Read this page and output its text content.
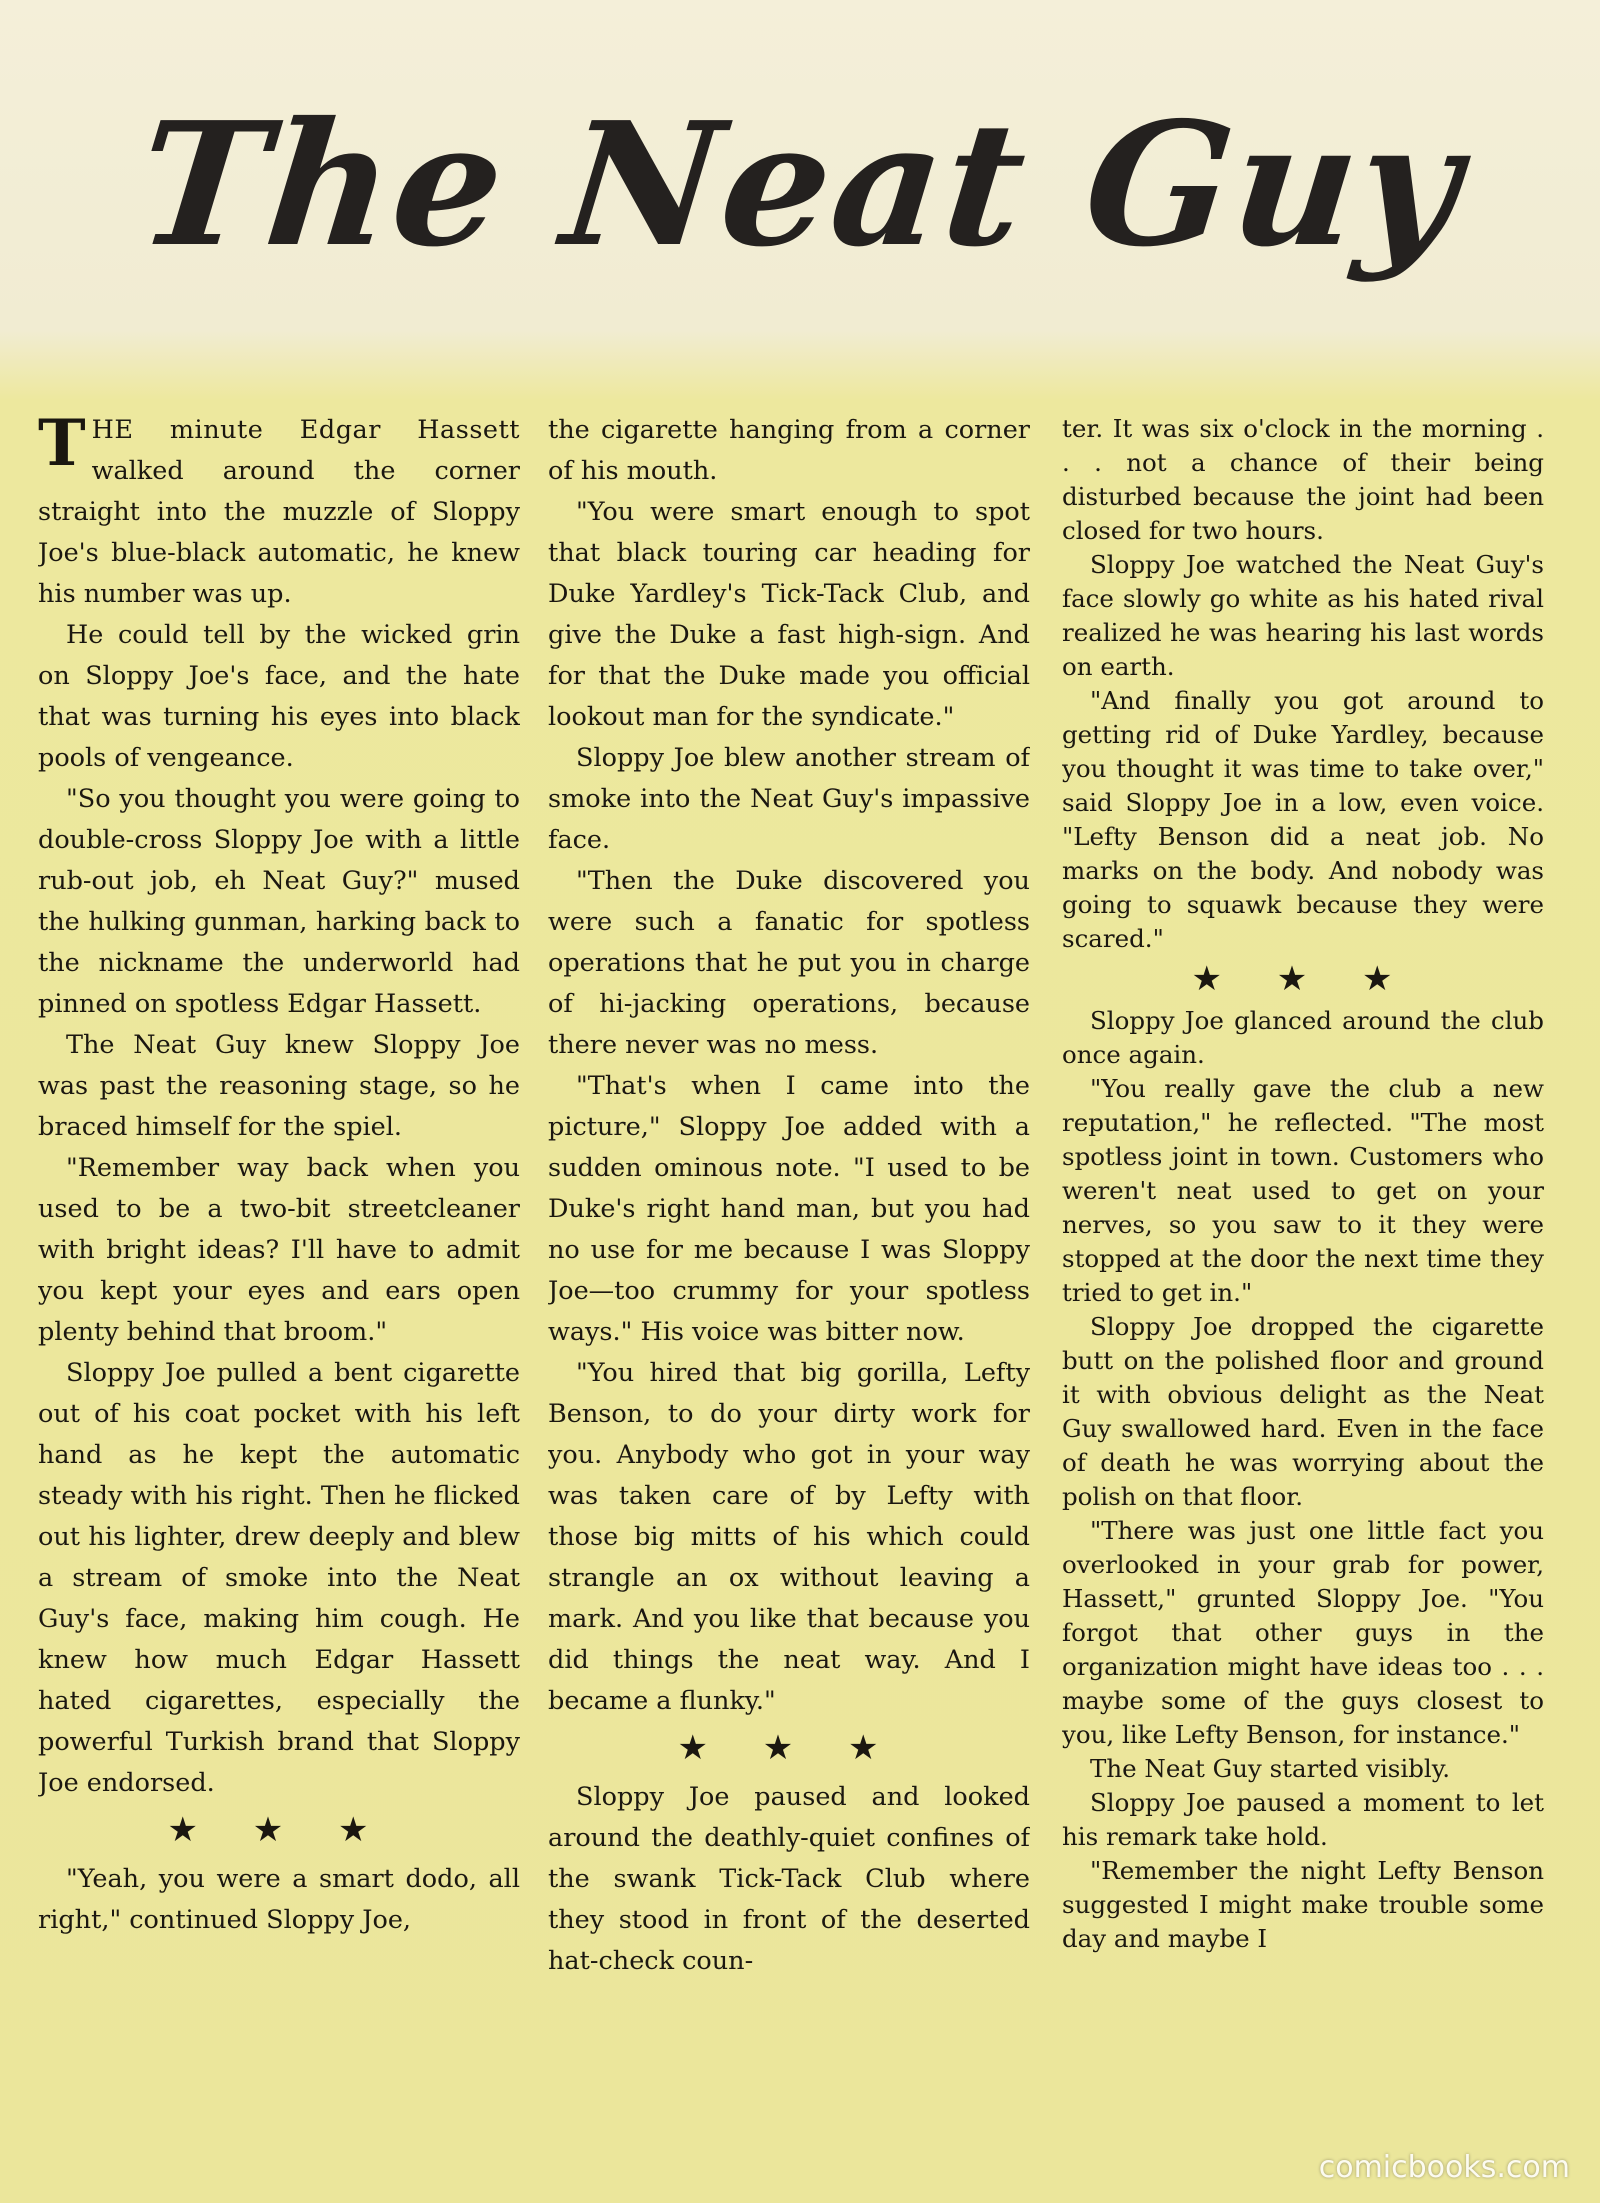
The Neat Guy

THE minute Edgar Hassett walked around the corner straight into the muzzle of Sloppy Joe's blue-black automatic, he knew his number was up.

He could tell by the wicked grin on Sloppy Joe's face, and the hate that was turning his eyes into black pools of vengeance.

"So you thought you were going to double-cross Sloppy Joe with a little rub-out job, eh Neat Guy?" mused the hulking gunman, harking back to the nickname the underworld had pinned on spotless Edgar Hassett.

The Neat Guy knew Sloppy Joe was past the reasoning stage, so he braced himself for the spiel.

"Remember way back when you used to be a two-bit streetcleaner with bright ideas? I'll have to admit you kept your eyes and ears open plenty behind that broom."

Sloppy Joe pulled a bent cigarette out of his coat pocket with his left hand as he kept the automatic steady with his right. Then he flicked out his lighter, drew deeply and blew a stream of smoke into the Neat Guy's face, making him cough. He knew how much Edgar Hassett hated cigarettes, especially the powerful Turkish brand that Sloppy Joe endorsed.

★ ★ ★

"Yeah, you were a smart dodo, all right," continued Sloppy Joe,

the cigarette hanging from a corner of his mouth.

"You were smart enough to spot that black touring car heading for Duke Yardley's Tick-Tack Club, and give the Duke a fast high-sign. And for that the Duke made you official lookout man for the syndicate."

Sloppy Joe blew another stream of smoke into the Neat Guy's impassive face.

"Then the Duke discovered you were such a fanatic for spotless operations that he put you in charge of hi-jacking operations, because there never was no mess.

"That's when I came into the picture," Sloppy Joe added with a sudden ominous note. "I used to be Duke's right hand man, but you had no use for me because I was Sloppy Joe—too crummy for your spotless ways." His voice was bitter now.

"You hired that big gorilla, Lefty Benson, to do your dirty work for you. Anybody who got in your way was taken care of by Lefty with those big mitts of his which could strangle an ox without leaving a mark. And you like that because you did things the neat way. And I became a flunky."

★ ★ ★

Sloppy Joe paused and looked around the deathly-quiet confines of the swank Tick-Tack Club where they stood in front of the deserted hat-check coun-

ter. It was six o'clock in the morning . . . not a chance of their being disturbed because the joint had been closed for two hours.

Sloppy Joe watched the Neat Guy's face slowly go white as his hated rival realized he was hearing his last words on earth.

"And finally you got around to getting rid of Duke Yardley, because you thought it was time to take over," said Sloppy Joe in a low, even voice. "Lefty Benson did a neat job. No marks on the body. And nobody was going to squawk because they were scared."

★ ★ ★

Sloppy Joe glanced around the club once again.

"You really gave the club a new reputation," he reflected. "The most spotless joint in town. Customers who weren't neat used to get on your nerves, so you saw to it they were stopped at the door the next time they tried to get in."

Sloppy Joe dropped the cigarette butt on the polished floor and ground it with obvious delight as the Neat Guy swallowed hard. Even in the face of death he was worrying about the polish on that floor.

"There was just one little fact you overlooked in your grab for power, Hassett," grunted Sloppy Joe. "You forgot that other guys in the organization might have ideas too . . . maybe some of the guys closest to you, like Lefty Benson, for instance."

The Neat Guy started visibly.

Sloppy Joe paused a moment to let his remark take hold.

"Remember the night Lefty Benson suggested I might make trouble some day and maybe I

comicbooks.com
